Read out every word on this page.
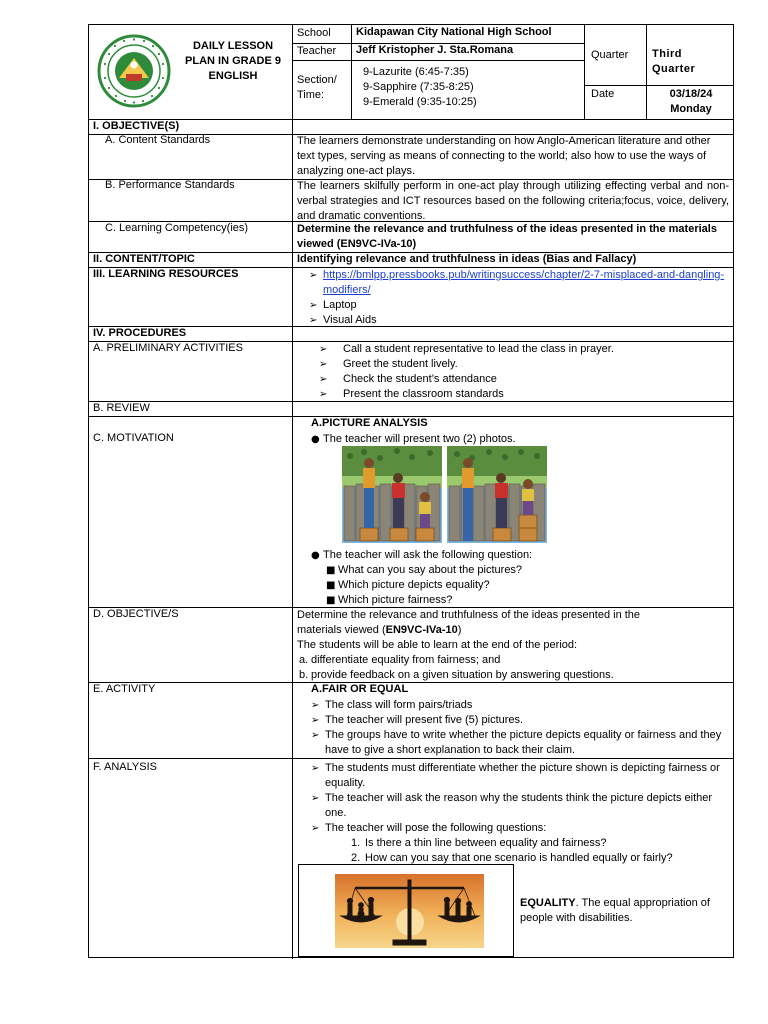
DAILY LESSON
PLAN IN GRADE 9
ENGLISH
School Kidapawan City National High School
Teacher Jeff Kristopher J. Sta.Romana
Section/
Time:
9-Lazurite (6:45-7:35)
9-Sapphire (7:35-8:25)
9-Emerald (9:35-10:25)
Quarter Third
Quarter
Date	03/18/24
Monday
I. OBJECTIVE(S)
A. Content Standards	The learners demonstrate understanding on how Anglo-American literature and other text types, serving as means of connecting to the world; also how to use the ways of analyzing one-act plays.
B. Performance Standards	The learners skilfully perform in one-act play through utilizing effecting verbal and non-verbal strategies and ICT resources based on the following criteria;focus, voice, delivery, and dramatic conventions.
C. Learning Competency(ies)	Determine the relevance and truthfulness of the ideas presented in the materials viewed (EN9VC-IVa-10)
II. CONTENT/TOPIC	Identifying relevance and truthfulness in ideas (Bias and Fallacy)
III. LEARNING RESOURCES	➢ https://bmlpp.pressbooks.pub/writingsuccess/chapter/2-7-misplaced-and-dangling-modifiers/
➢ Laptop
➢ Visual Aids
IV. PROCEDURES
A. PRELIMINARY ACTIVITIES	➢ Call a student representative to lead the class in prayer.
➢ Greet the student lively.
➢ Check the student’s attendance
➢ Present the classroom standards
B. REVIEW
C. MOTIVATION
A.PICTURE ANALYSIS
● The teacher will present two (2) photos.
● The teacher will ask the following question:
■ What can you say about the pictures?
■ Which picture depicts equality?
■ Which picture fairness?
D. OBJECTIVE/S	Determine the relevance and truthfulness of the ideas presented in the
materials viewed (EN9VC-IVa-10)
The students will be able to learn at the end of the period:
a. differentiate equality from fairness; and
b. provide feedback on a given situation by answering questions.
E. ACTIVITY	A.FAIR OR EQUAL
➢ The class will form pairs/triads
➢ The teacher will present five (5) pictures.
➢ The groups have to write whether the picture depicts equality or fairness and they have to give a short explanation to back their claim.
F. ANALYSIS	➢ The students must differentiate whether the picture shown is depicting fairness or equality.
➢ The teacher will ask the reason why the students think the picture depicts either one.
➢ The teacher will pose the following questions:
1. Is there a thin line between equality and fairness?
2. How can you say that one scenario is handled equally or fairly?
EQUALITY. The equal appropriation of people with disabilities.
